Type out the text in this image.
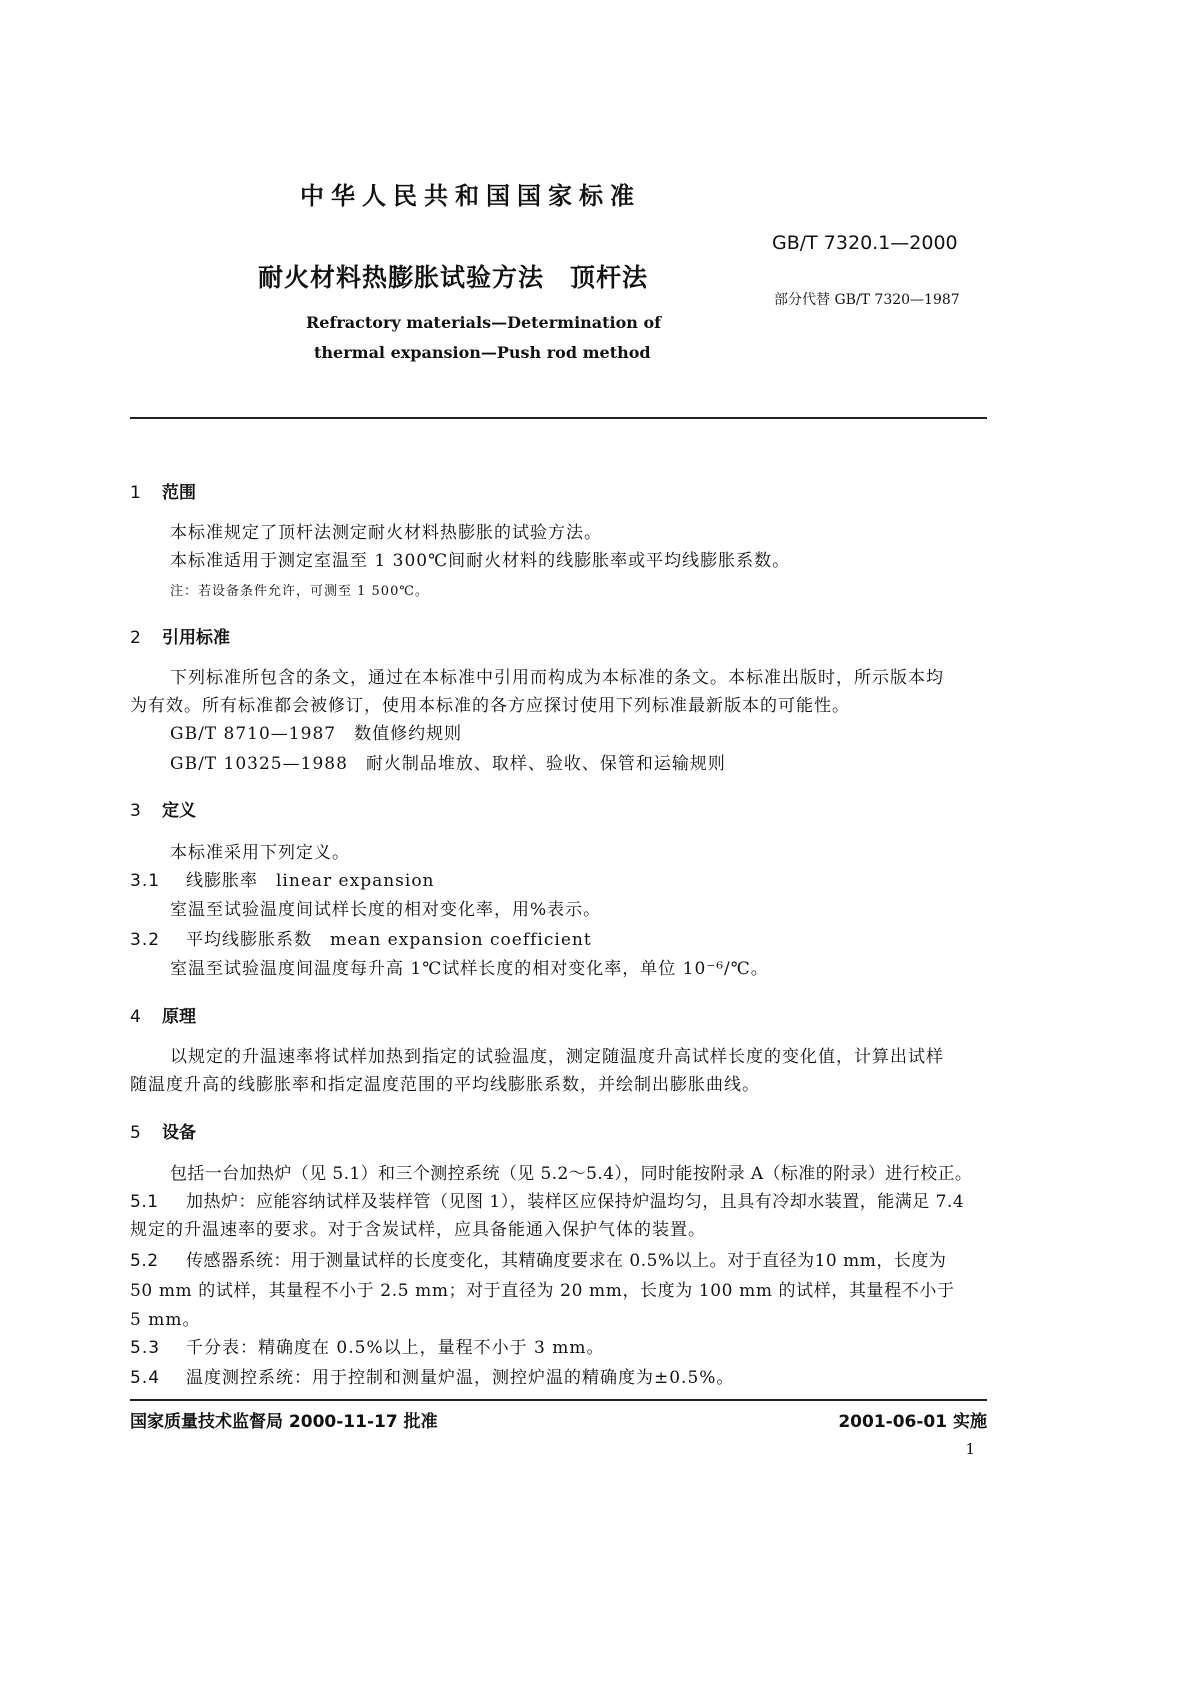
中华人民共和国国家标准
GB/T 7320.1—2000
耐火材料热膨胀试验方法　顶杆法
部分代替 GB/T 7320—1987
Refractory materials—Determination of
thermal expansion—Push rod method
1 范围
本标准规定了顶杆法测定耐火材料热膨胀的试验方法。
本标准适用于测定室温至 1 300℃间耐火材料的线膨胀率或平均线膨胀系数。
注：若设备条件允许，可测至 1 500℃。
2 引用标准
下列标准所包含的条文，通过在本标准中引用而构成为本标准的条文。本标准出版时，所示版本均
为有效。所有标准都会被修订，使用本标准的各方应探讨使用下列标准最新版本的可能性。
GB/T 8710—1987　数值修约规则
GB/T 10325—1988　耐火制品堆放、取样、验收、保管和运输规则
3 定义
本标准采用下列定义。
3.1 线膨胀率　linear expansion
室温至试验温度间试样长度的相对变化率，用%表示。
3.2 平均线膨胀系数　mean expansion coefficient
室温至试验温度间温度每升高 1℃试样长度的相对变化率，单位 10⁻⁶/℃。
4 原理
以规定的升温速率将试样加热到指定的试验温度，测定随温度升高试样长度的变化值，计算出试样
随温度升高的线膨胀率和指定温度范围的平均线膨胀系数，并绘制出膨胀曲线。
5 设备
包括一台加热炉（见 5.1）和三个测控系统（见 5.2～5.4），同时能按附录 A（标准的附录）进行校正。
5.1 加热炉：应能容纳试样及装样管（见图 1），装样区应保持炉温均匀，且具有冷却水装置，能满足 7.4
规定的升温速率的要求。对于含炭试样，应具备能通入保护气体的装置。
5.2 传感器系统：用于测量试样的长度变化，其精确度要求在 0.5%以上。对于直径为10 mm，长度为
50 mm 的试样，其量程不小于 2.5 mm；对于直径为 20 mm，长度为 100 mm 的试样，其量程不小于
5 mm。
5.3 千分表：精确度在 0.5%以上，量程不小于 3 mm。
5.4 温度测控系统：用于控制和测量炉温，测控炉温的精确度为±0.5%。
国家质量技术监督局 2000-11-17 批准	2001-06-01 实施
1
